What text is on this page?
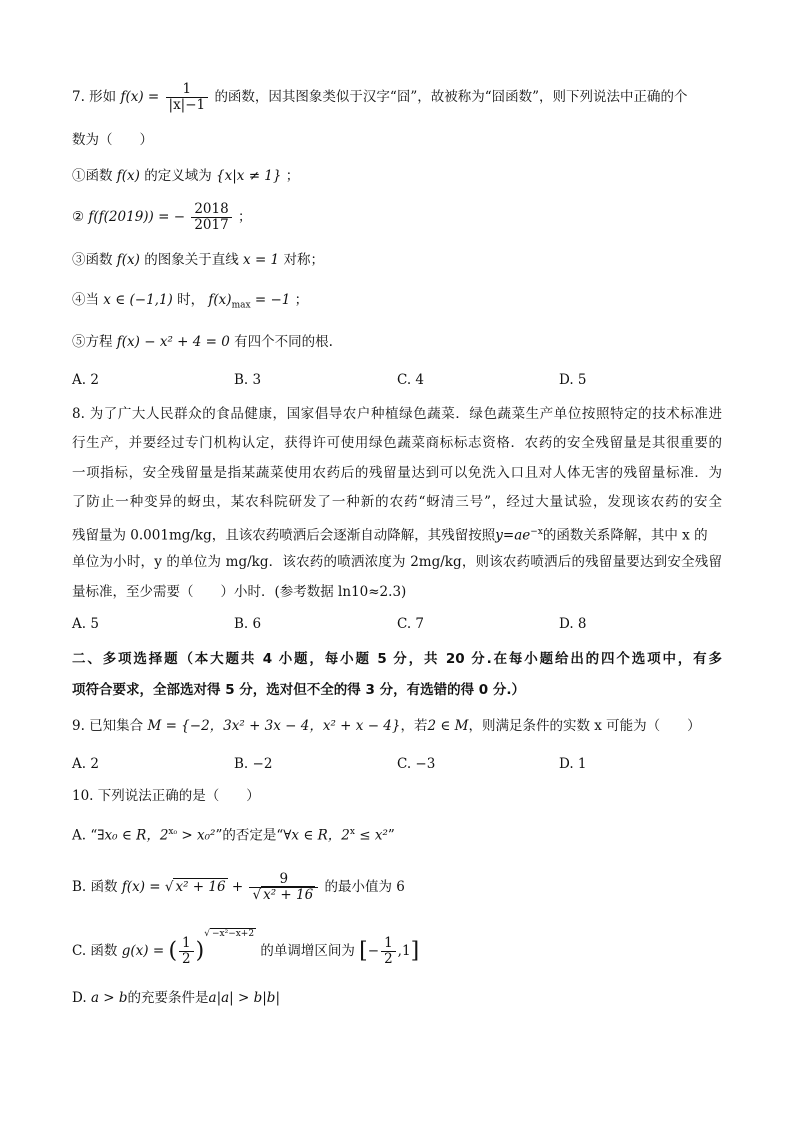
7. 形如 $f(x) = \frac{1}{|x|-1}$ 的函数，因其图象类似于汉字“囧”，故被称为“囧函数”，则下列说法中正确的个
数为（　　）
①函数 f(x) 的定义域为 {x|x ≠ 1} ；
② f(f(2019)) = − $\frac{2018}{2017}$ ；
③函数 f(x) 的图象关于直线 x = 1 对称；
④当 x ∈ (−1,1) 时， $f(x)_{max} = -1$ ；
⑤方程 f(x) − x² + 4 = 0 有四个不同的根.
A. 2	B. 3	C. 4	D. 5
8. 为了广大人民群众的食品健康，国家倡导农户种植绿色蔬菜．绿色蔬菜生产单位按照特定的技术标准进
行生产，并要经过专门机构认定，获得许可使用绿色蔬菜商标标志资格．农药的安全残留量是其很重要的
一项指标，安全残留量是指某蔬菜使用农药后的残留量达到可以免洗入口且对人体无害的残留量标准．为
了防止一种变异的蚜虫，某农科院研发了一种新的农药“蚜清三号”，经过大量试验，发现该农药的安全
残留量为 0.001mg/kg，且该农药喷洒后会逐渐自动降解，其残留按照$y=ae^{-x}$的函数关系降解，其中 x 的
单位为小时，y 的单位为 mg/kg．该农药的喷洒浓度为 2mg/kg，则该农药喷洒后的残留量要达到安全残留
量标准，至少需要（　　）小时．(参考数据 ln10≈2.3)
A. 5	B. 6	C. 7	D. 8
二、多项选择题（本大题共 4 小题，每小题 5 分，共 20 分.在每小题给出的四个选项中，有多
项符合要求，全部选对得 5 分，选对但不全的得 3 分，有选错的得 0 分.）
9. 已知集合 M = {−2，3x² + 3x − 4，x² + x − 4}，若2 ∈ M，则满足条件的实数 x 可能为（　　）
A. 2	B. −2	C. −3	D. 1
10. 下列说法正确的是（　　）
A. “∃x₀ ∈ R，$2^{x_0} > x_0^2$”的否定是“∀x ∈ R，$2^x \le x^2$”
B. 函数 f(x) = √ $x^2 + 16 + \frac{9}{\text{√ x² + 16}}$ 的最小值为 6
C. 函数 g(x) = ( $\frac{1}{2} )^{√ -x^2-x+2}$ 的单调增区间为 [− $\frac{1}{2} ,1$]
D. a > b的充要条件是a|a| > b|b|
